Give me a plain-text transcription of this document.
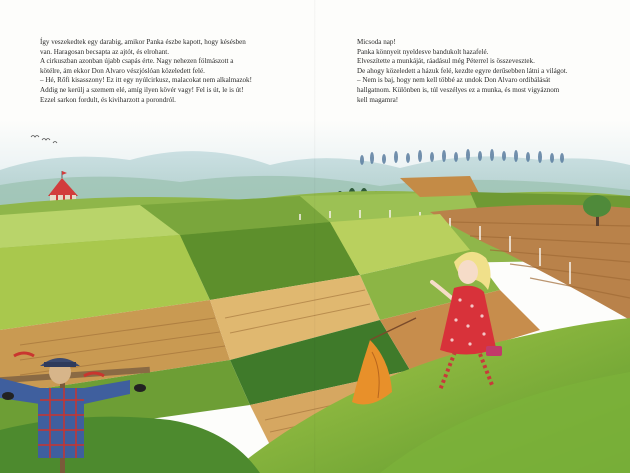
Így veszekedtek egy darabig, amikor Panka észbe kapott, hogy késésben
van. Haragosan becsapta az ajtót, és elrohant.
A cirkuszban azonban újabb csapás érte. Nagy nehezen fölmászott a
kötélre, ám ekkor Don Alvaro vészjóslóan közeledett felé.
– Hé, Rőfi kisasszony! Ez itt egy nyúlcirkusz, malacokat nem alkalmazok!
Addig ne kerülj a szemem elé, amíg ilyen kövér vagy! Fel is út, le is út!
Ezzel sarkon fordult, és kiviharzott a porondról.
Micsoda nap!
Panka könnyeit nyeldesve bandukolt hazafelé.
Elveszítette a munkáját, ráadásul még Péterrel is összevesztek.
De ahogy közeledett a házuk felé, kezdte egyre derűsebben látni a világot.
– Nem is baj, hogy nem kell többé az undok Don Alvaro ordibálását
hallgatnom. Különben is, túl veszélyes ez a munka, és most vigyáznom
kell magamra!
